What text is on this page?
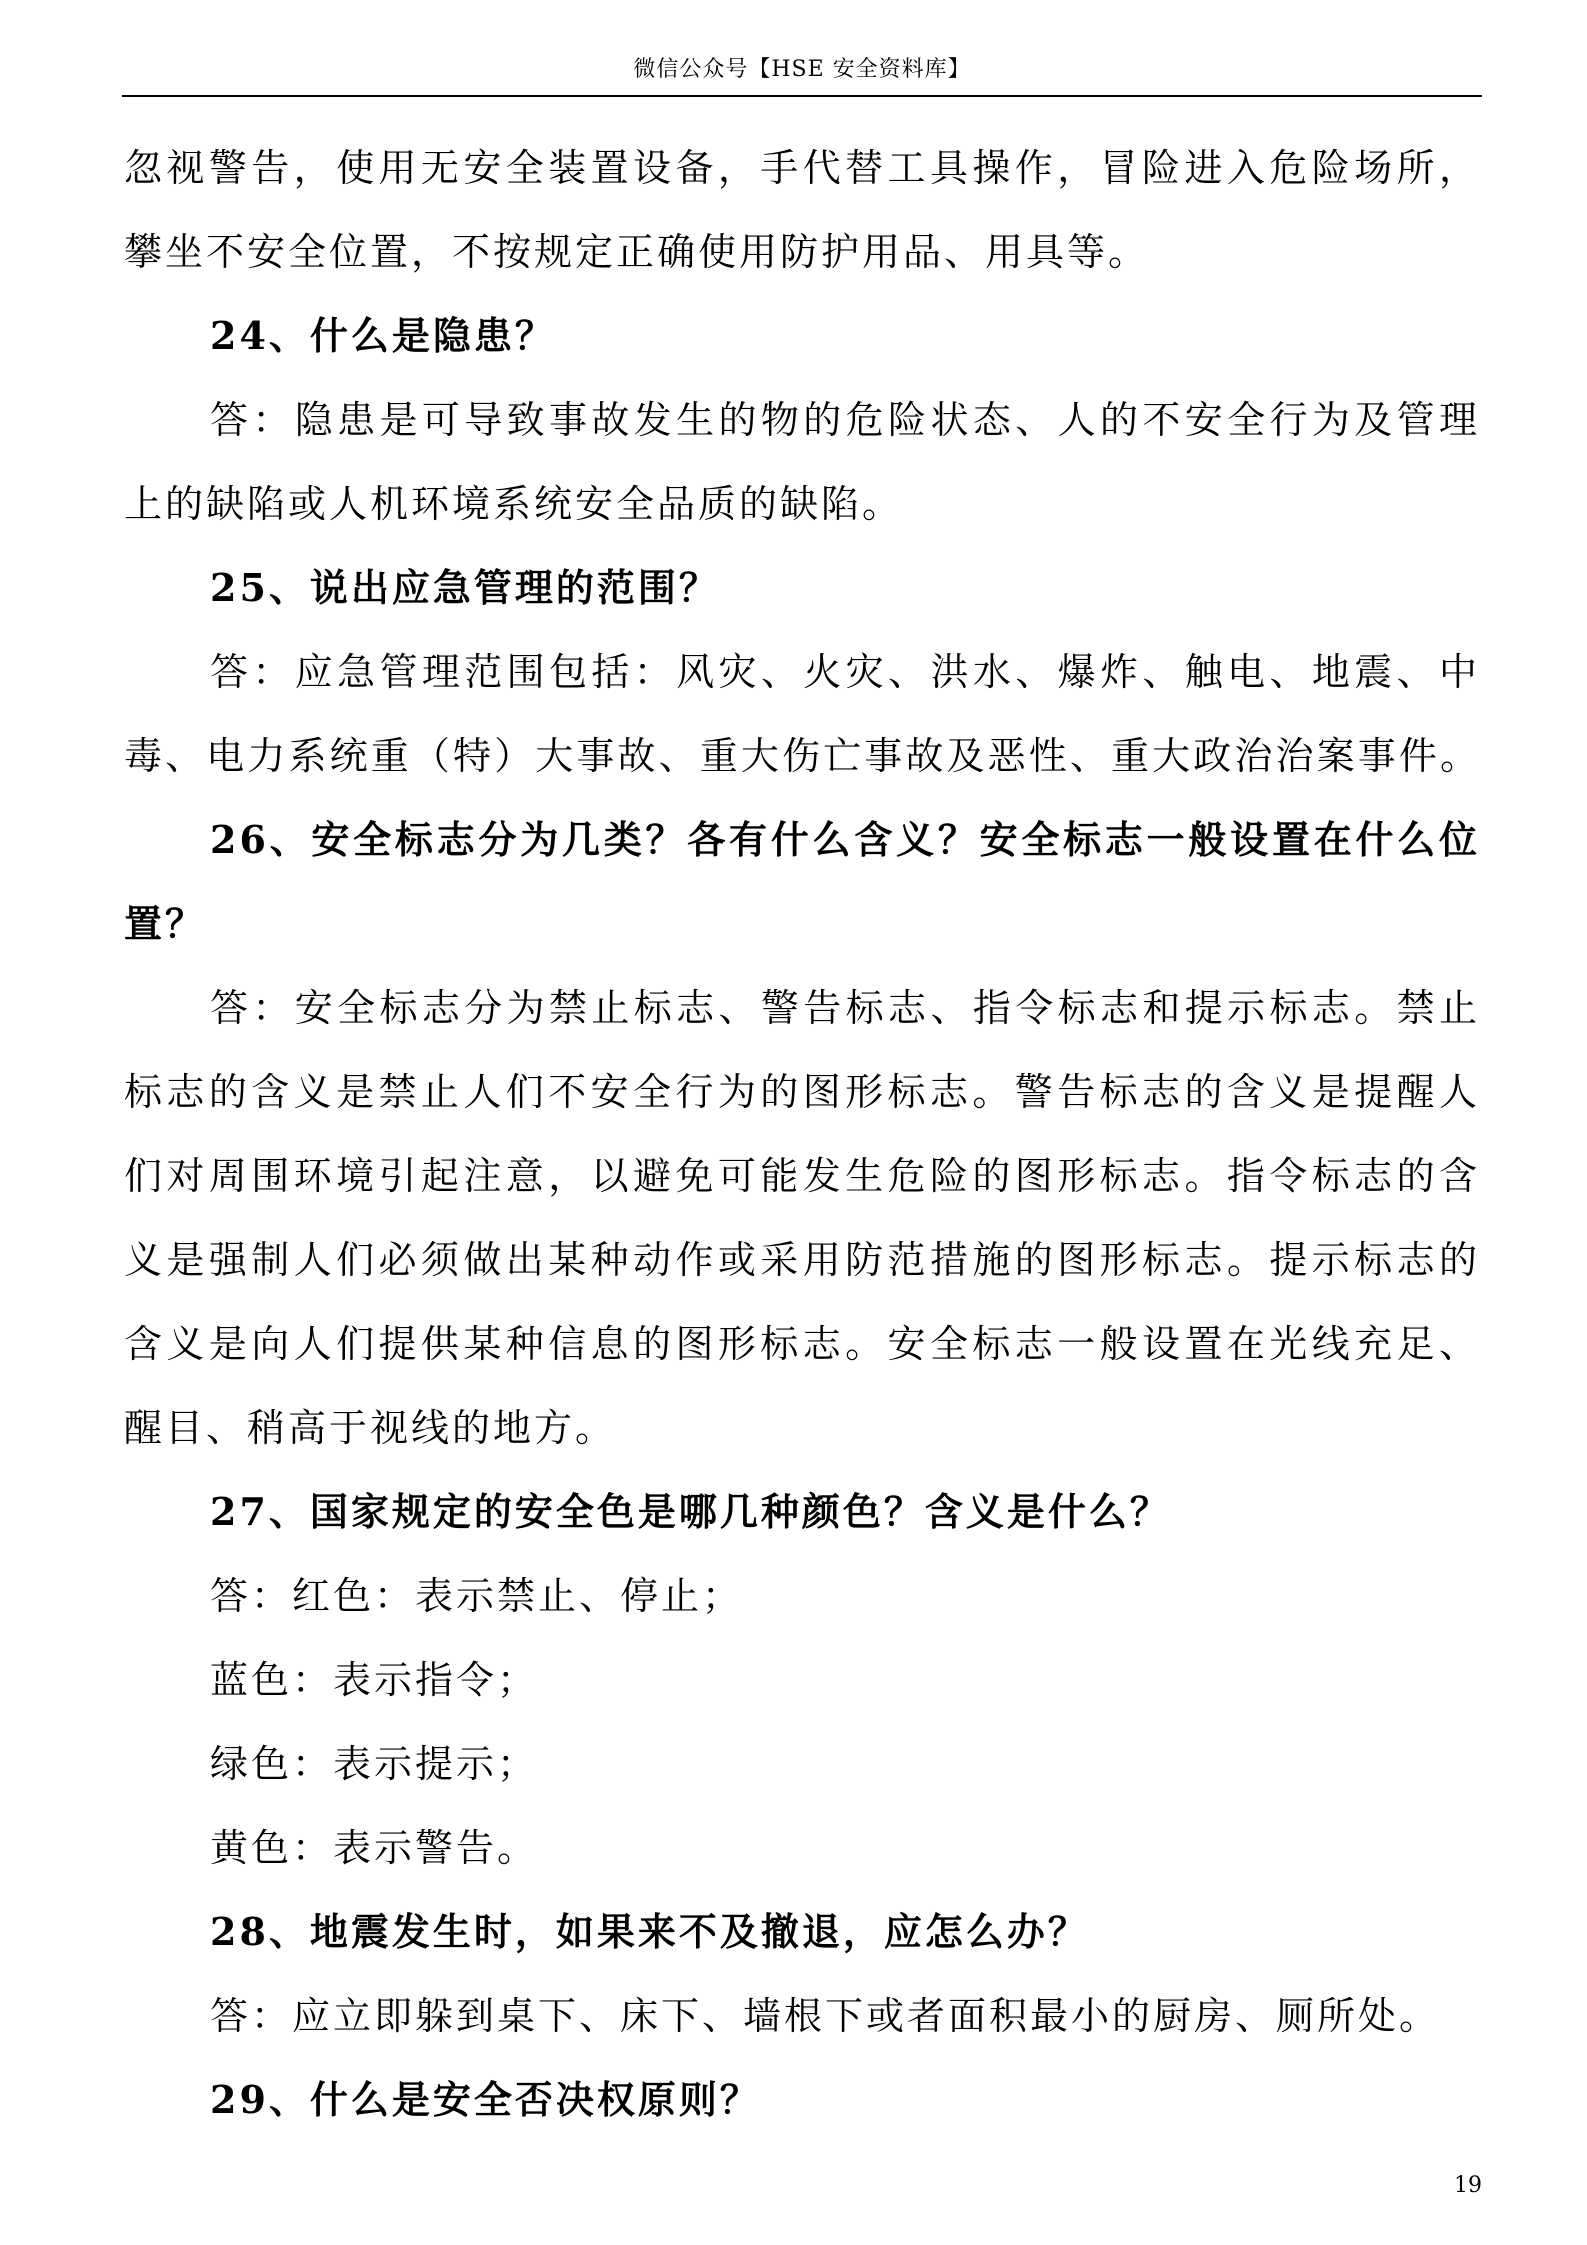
微信公众号【HSE 安全资料库】
忽视警告，使用无安全装置设备，手代替工具操作，冒险进入危险场所，
攀坐不安全位置，不按规定正确使用防护用品、用具等。
24、什么是隐患？
答：隐患是可导致事故发生的物的危险状态、人的不安全行为及管理
上的缺陷或人机环境系统安全品质的缺陷。
25、说出应急管理的范围？
答：应急管理范围包括：风灾、火灾、洪水、爆炸、触电、地震、中
毒、电力系统重（特）大事故、重大伤亡事故及恶性、重大政治治案事件。
26、安全标志分为几类？各有什么含义？安全标志一般设置在什么位
置？
答：安全标志分为禁止标志、警告标志、指令标志和提示标志。禁止
标志的含义是禁止人们不安全行为的图形标志。警告标志的含义是提醒人
们对周围环境引起注意，以避免可能发生危险的图形标志。指令标志的含
义是强制人们必须做出某种动作或采用防范措施的图形标志。提示标志的
含义是向人们提供某种信息的图形标志。安全标志一般设置在光线充足、
醒目、稍高于视线的地方。
27、国家规定的安全色是哪几种颜色？含义是什么？
答：红色：表示禁止、停止；
蓝色：表示指令；
绿色：表示提示；
黄色：表示警告。
28、地震发生时，如果来不及撤退，应怎么办？
答：应立即躲到桌下、床下、墙根下或者面积最小的厨房、厕所处。
29、什么是安全否决权原则？
19
